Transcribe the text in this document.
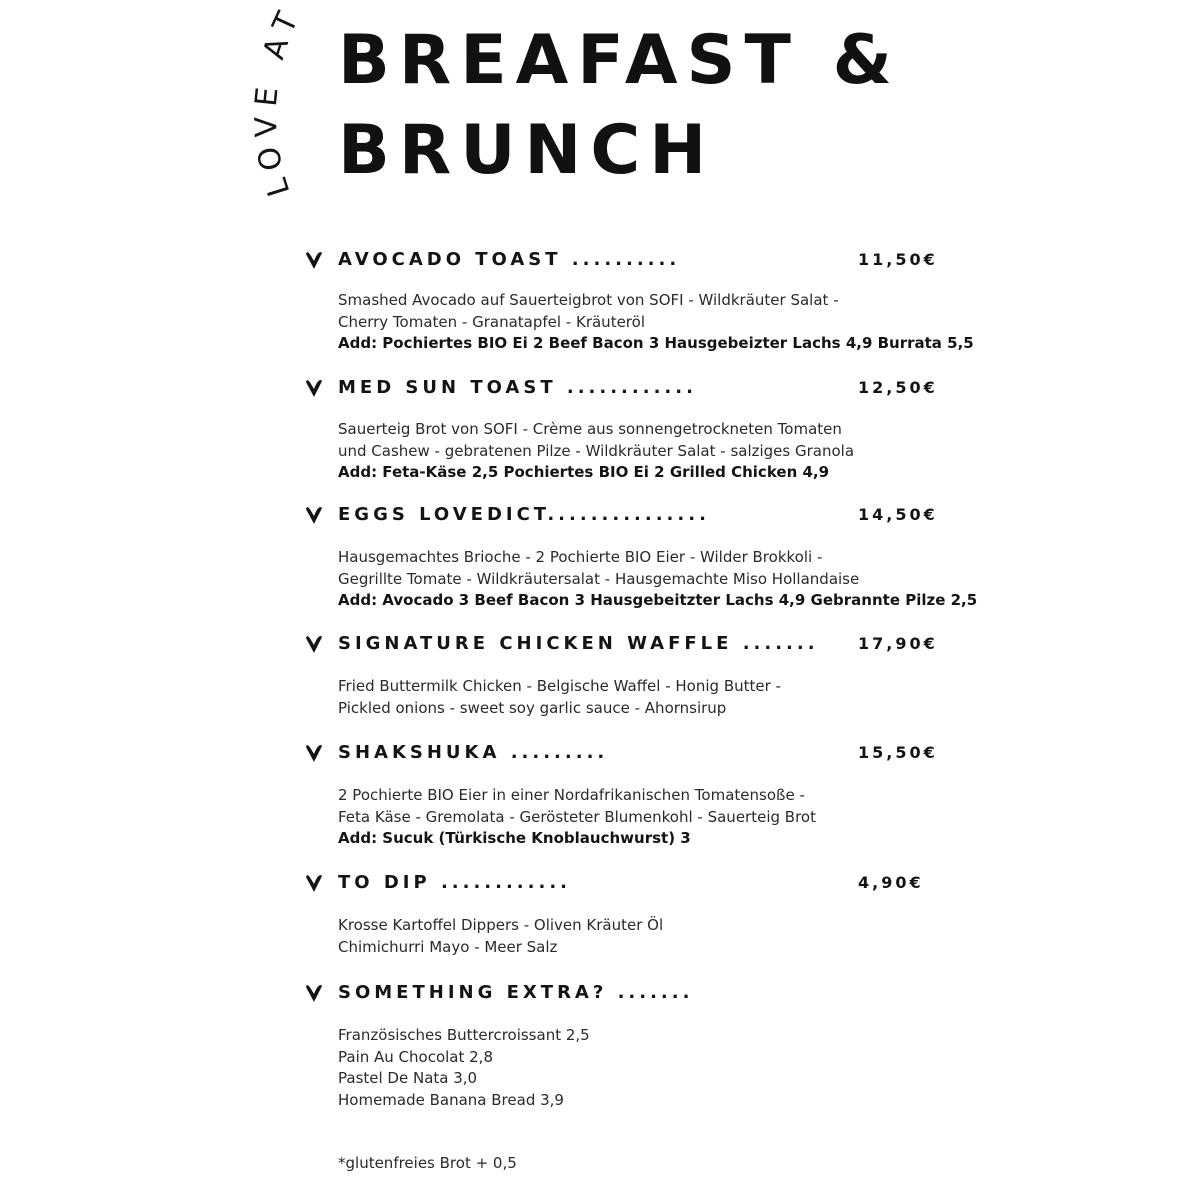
LOVE AT
BREAFAST &
BRUNCH
AVOCADO TOAST ..........	11,50€
Smashed Avocado auf Sauerteigbrot von SOFI - Wildkräuter Salat -
Cherry Tomaten - Granatapfel - Kräuteröl
Add: Pochiertes BIO Ei 2 Beef Bacon 3 Hausgebeizter Lachs 4,9 Burrata 5,5
MED SUN TOAST ............	12,50€
Sauerteig Brot von SOFI - Crème aus sonnengetrockneten Tomaten
und Cashew - gebratenen Pilze - Wildkräuter Salat - salziges Granola
Add: Feta-Käse 2,5 Pochiertes BIO Ei 2 Grilled Chicken 4,9
EGGS LOVEDICT...............	14,50€
Hausgemachtes Brioche - 2 Pochierte BIO Eier - Wilder Brokkoli -
Gegrillte Tomate - Wildkräutersalat - Hausgemachte Miso Hollandaise
Add: Avocado 3 Beef Bacon 3 Hausgebeitzter Lachs 4,9 Gebrannte Pilze 2,5
SIGNATURE CHICKEN WAFFLE ....... 17,90€
Fried Buttermilk Chicken - Belgische Waffel - Honig Butter -
Pickled onions - sweet soy garlic sauce - Ahornsirup
SHAKSHUKA .........	15,50€
2 Pochierte BIO Eier in einer Nordafrikanischen Tomatensoße -
Feta Käse - Gremolata - Gerösteter Blumenkohl - Sauerteig Brot
Add: Sucuk (Türkische Knoblauchwurst) 3
TO DIP ............	4,90€
Krosse Kartoffel Dippers - Oliven Kräuter Öl
Chimichurri Mayo - Meer Salz
SOMETHING EXTRA? .......
Französisches Buttercroissant 2,5
Pain Au Chocolat 2,8
Pastel De Nata 3,0
Homemade Banana Bread 3,9
*glutenfreies Brot + 0,5
